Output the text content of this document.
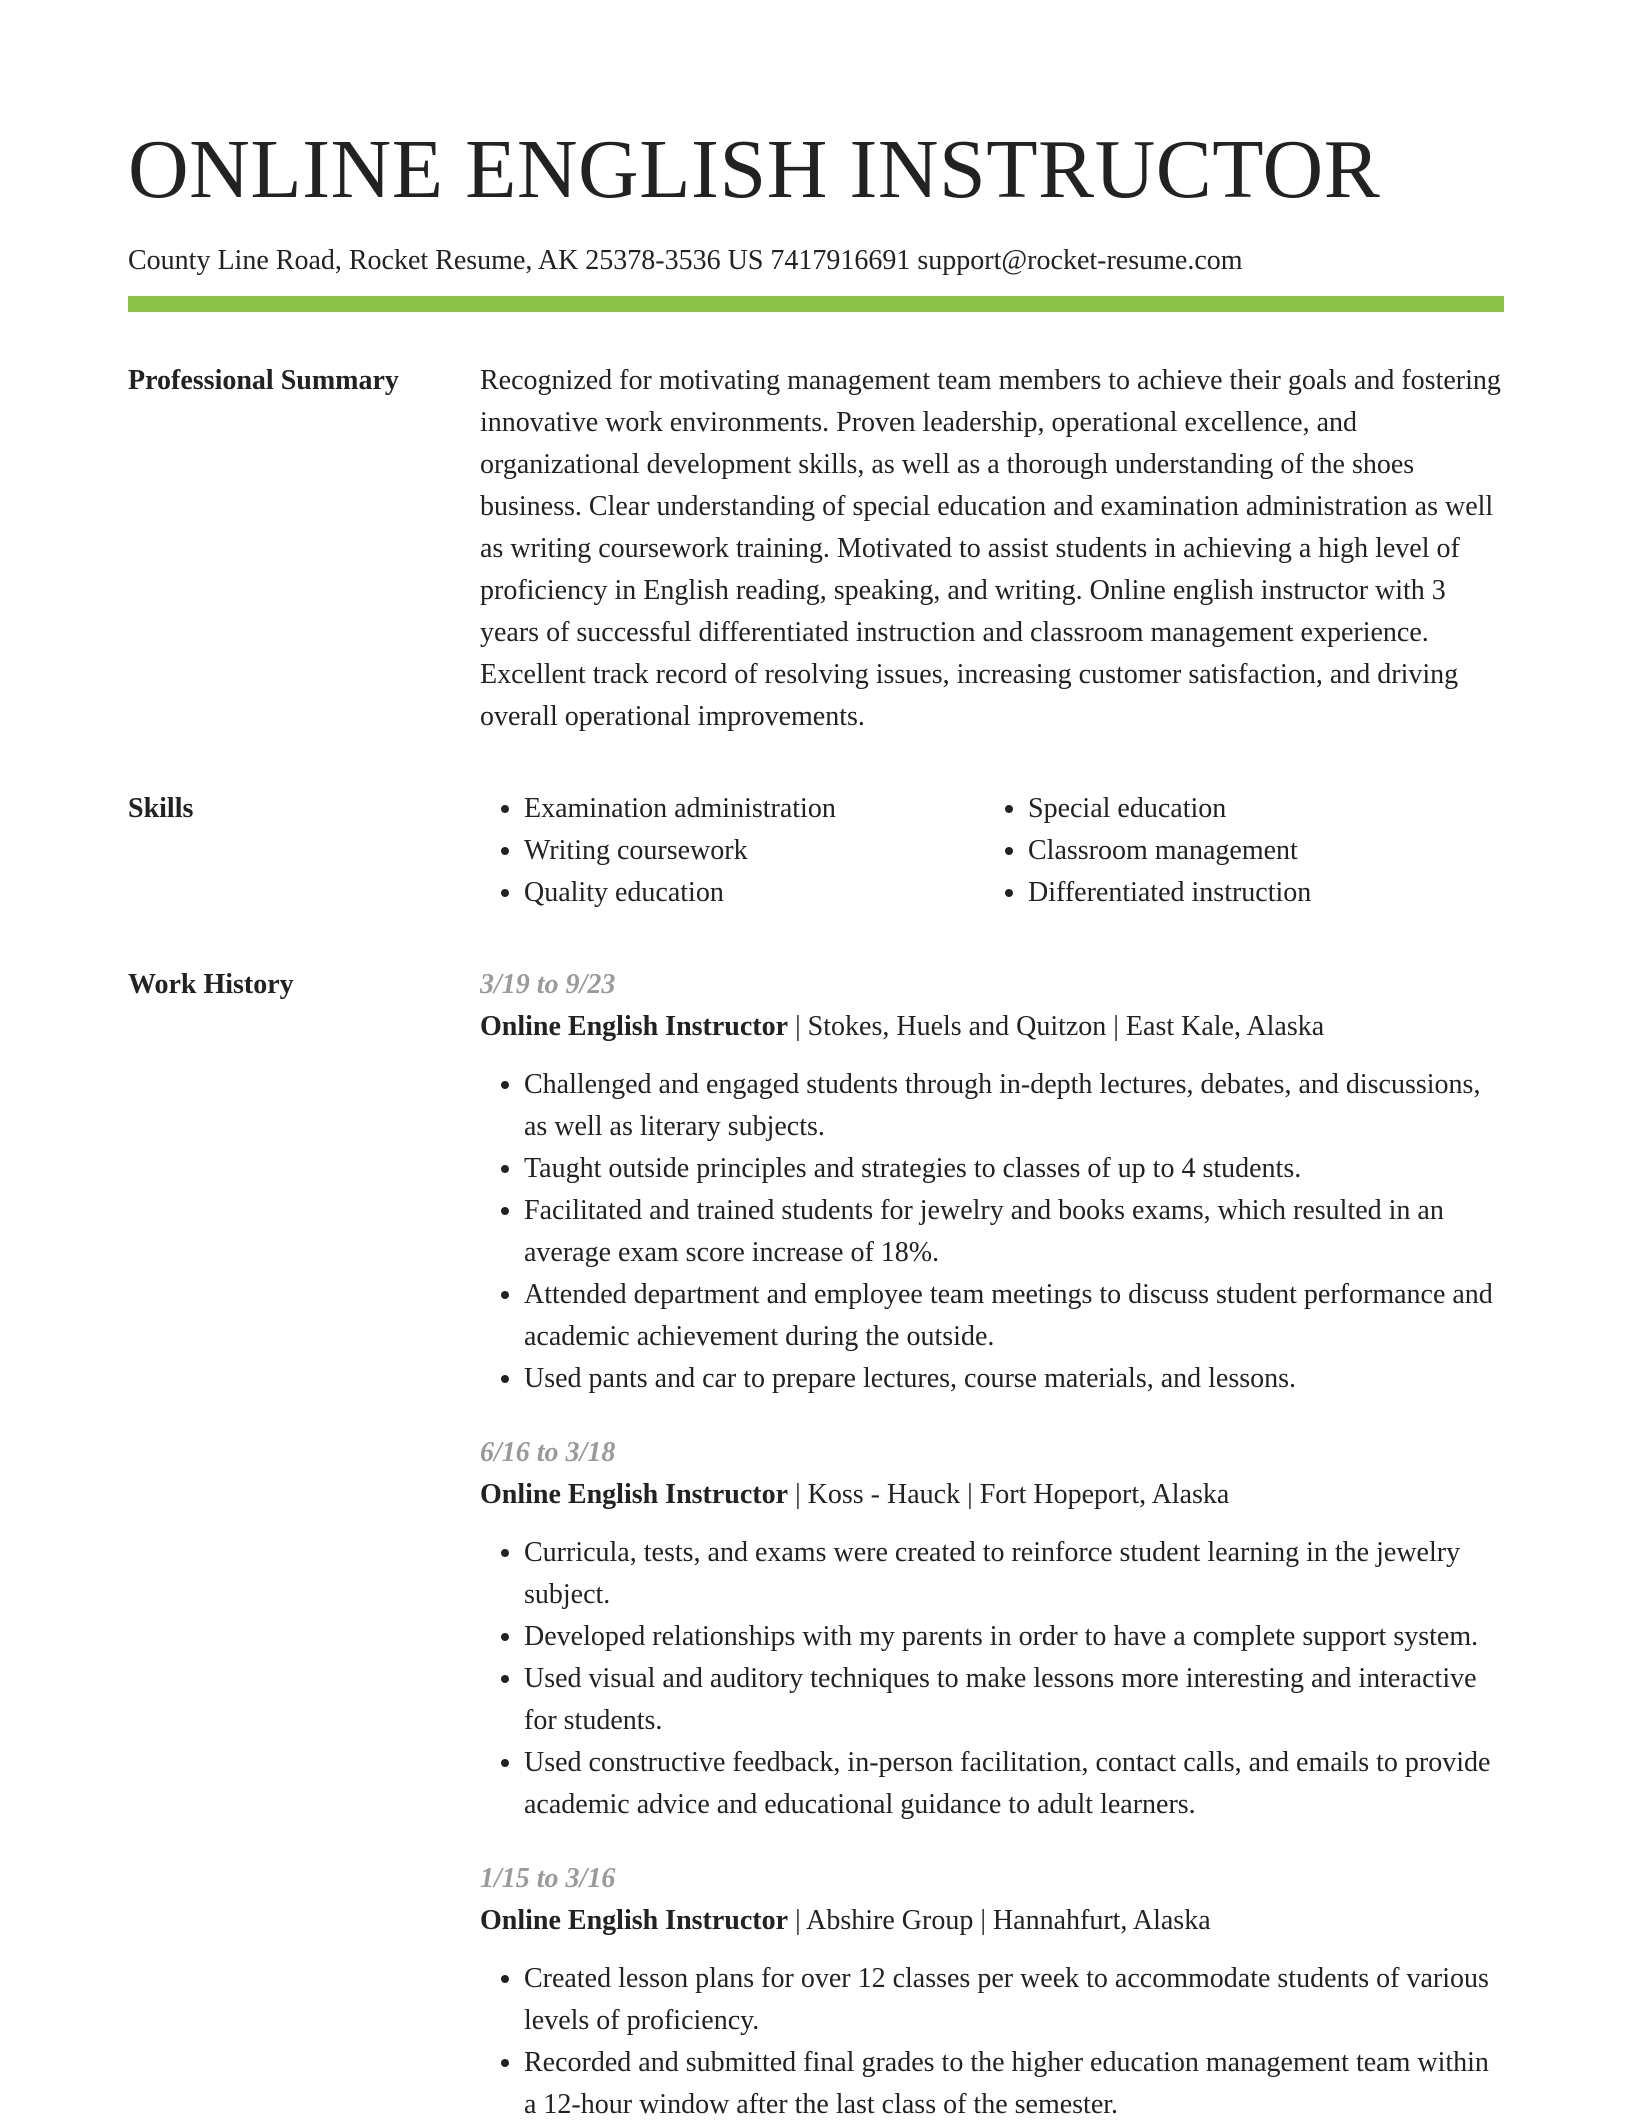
ONLINE ENGLISH INSTRUCTOR
County Line Road, Rocket Resume, AK 25378-3536 US 7417916691 support@rocket-resume.com
Professional Summary	Recognized for motivating management team members to achieve their goals and fostering innovative work environments. Proven leadership, operational excellence, and organizational development skills, as well as a thorough understanding of the shoes business. Clear understanding of special education and examination administration as well as writing coursework training. Motivated to assist students in achieving a high level of proficiency in English reading, speaking, and writing. Online english instructor with 3 years of successful differentiated instruction and classroom management experience. Excellent track record of resolving issues, increasing customer satisfaction, and driving overall operational improvements.

Skills
•	Examination administration
• Writing coursework
• Quality education
• Special education
• Classroom management
• Differentiated instruction
Work History	3/19 to 9/23
Online English Instructor | Stokes, Huels and Quitzon | East Kale, Alaska
• Challenged and engaged students through in-depth lectures, debates, and discussions, as well as literary subjects.
• Taught outside principles and strategies to classes of up to 4 students.
• Facilitated and trained students for jewelry and books exams, which resulted in an average exam score increase of 18%.
• Attended department and employee team meetings to discuss student performance and academic achievement during the outside.
• Used pants and car to prepare lectures, course materials, and lessons.
6/16 to 3/18
Online English Instructor | Koss - Hauck | Fort Hopeport, Alaska
• Curricula, tests, and exams were created to reinforce student learning in the jewelry subject.
• Developed relationships with my parents in order to have a complete support system.
• Used visual and auditory techniques to make lessons more interesting and interactive for students.
• Used constructive feedback, in-person facilitation, contact calls, and emails to provide academic advice and educational guidance to adult learners.
1/15 to 3/16
Online English Instructor | Abshire Group | Hannahfurt, Alaska
• Created lesson plans for over 12 classes per week to accommodate students of various levels of proficiency.
• Recorded and submitted final grades to the higher education management team within a 12-hour window after the last class of the semester.
